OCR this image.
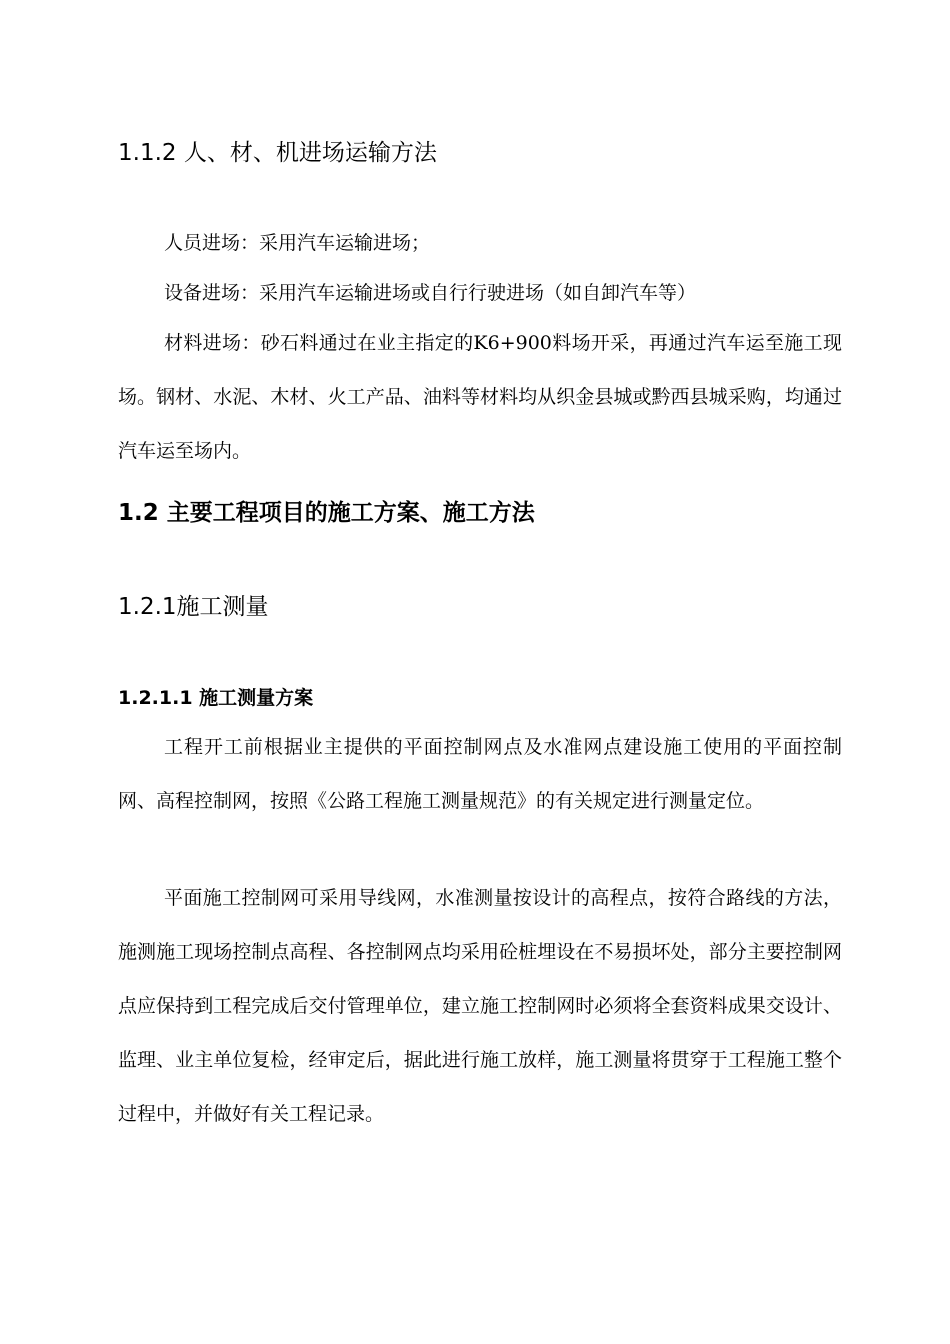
1.1.2 人、材、机进场运输方法

人员进场：采用汽车运输进场；

设备进场：采用汽车运输进场或自行行驶进场（如自卸汽车等）

材料进场：砂石料通过在业主指定的K6+900料场开采，再通过汽车运至施工现场。钢材、水泥、木材、火工产品、油料等材料均从织金县城或黔西县城采购，均通过汽车运至场内。

1.2 主要工程项目的施工方案、施工方法
1.2.1施工测量
1.2.1.1 施工测量方案

工程开工前根据业主提供的平面控制网点及水准网点建设施工使用的平面控制网、高程控制网，按照《公路工程施工测量规范》的有关规定进行测量定位。

平面施工控制网可采用导线网，水准测量按设计的高程点，按符合路线的方法，施测施工现场控制点高程、各控制网点均采用砼桩埋设在不易损坏处，部分主要控制网点应保持到工程完成后交付管理单位，建立施工控制网时必须将全套资料成果交设计、监理、业主单位复检，经审定后，据此进行施工放样，施工测量将贯穿于工程施工整个过程中，并做好有关工程记录。
